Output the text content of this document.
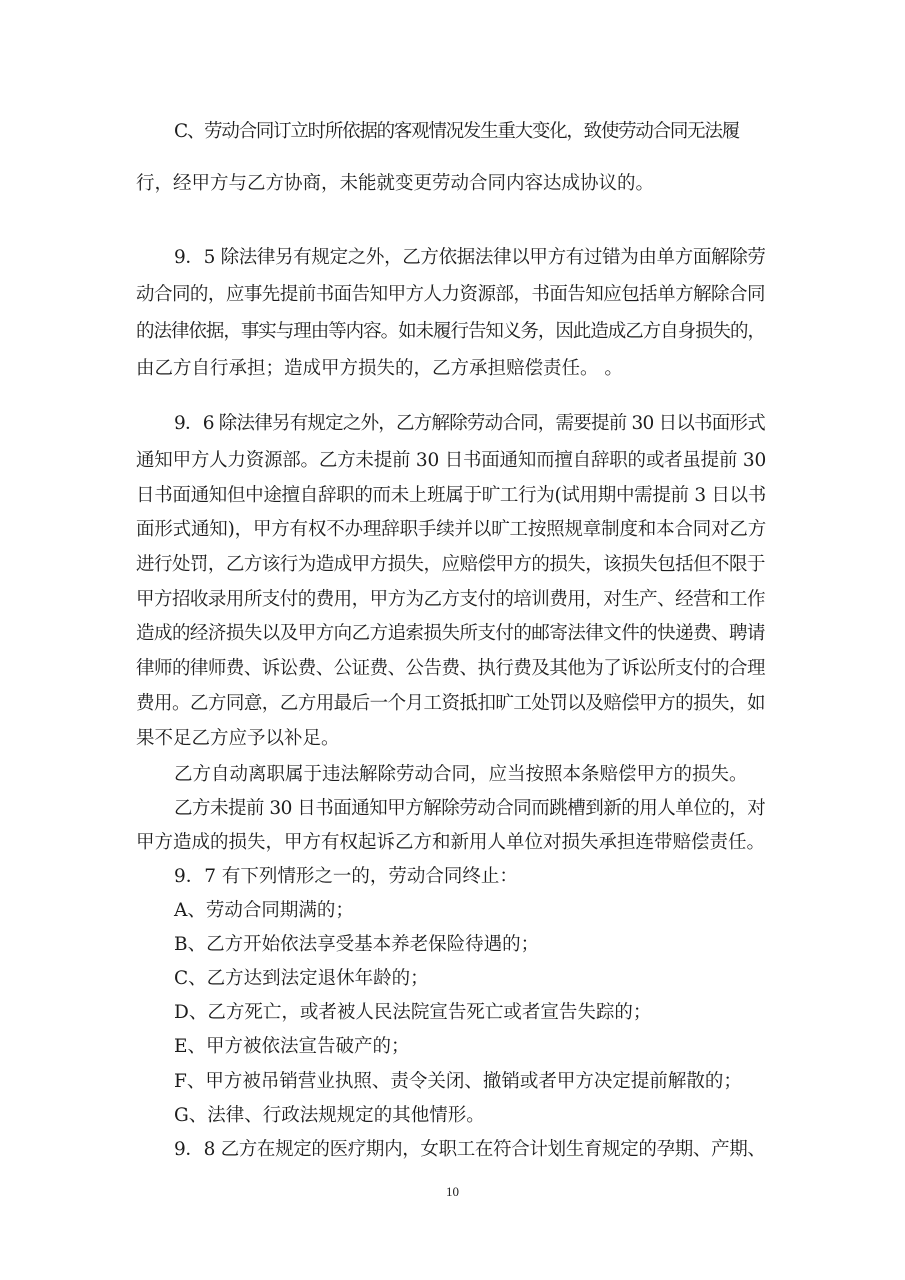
C、劳动合同订立时所依据的客观情况发生重大变化，致使劳动合同无法履
行，经甲方与乙方协商，未能就变更劳动合同内容达成协议的。
9．5 除法律另有规定之外，乙方依据法律以甲方有过错为由单方面解除劳
动合同的，应事先提前书面告知甲方人力资源部，书面告知应包括单方解除合同
的法律依据，事实与理由等内容。如未履行告知义务，因此造成乙方自身损失的，
由乙方自行承担；造成甲方损失的，乙方承担赔偿责任。 。
9．6 除法律另有规定之外，乙方解除劳动合同，需要提前 30 日以书面形式
通知甲方人力资源部。乙方未提前 30 日书面通知而擅自辞职的或者虽提前 30
日书面通知但中途擅自辞职的而未上班属于旷工行为(试用期中需提前 3 日以书
面形式通知)，甲方有权不办理辞职手续并以旷工按照规章制度和本合同对乙方
进行处罚，乙方该行为造成甲方损失，应赔偿甲方的损失，该损失包括但不限于
甲方招收录用所支付的费用，甲方为乙方支付的培训费用，对生产、经营和工作
造成的经济损失以及甲方向乙方追索损失所支付的邮寄法律文件的快递费、聘请
律师的律师费、诉讼费、公证费、公告费、执行费及其他为了诉讼所支付的合理
费用。乙方同意，乙方用最后一个月工资抵扣旷工处罚以及赔偿甲方的损失，如
果不足乙方应予以补足。
乙方自动离职属于违法解除劳动合同，应当按照本条赔偿甲方的损失。
乙方未提前 30 日书面通知甲方解除劳动合同而跳槽到新的用人单位的，对
甲方造成的损失，甲方有权起诉乙方和新用人单位对损失承担连带赔偿责任。
9．7 有下列情形之一的，劳动合同终止：
A、劳动合同期满的；
B、乙方开始依法享受基本养老保险待遇的；
C、乙方达到法定退休年龄的；
D、乙方死亡，或者被人民法院宣告死亡或者宣告失踪的；
E、甲方被依法宣告破产的；
F、甲方被吊销营业执照、责令关闭、撤销或者甲方决定提前解散的；
G、法律、行政法规规定的其他情形。
9．8 乙方在规定的医疗期内，女职工在符合计划生育规定的孕期、产期、
10
